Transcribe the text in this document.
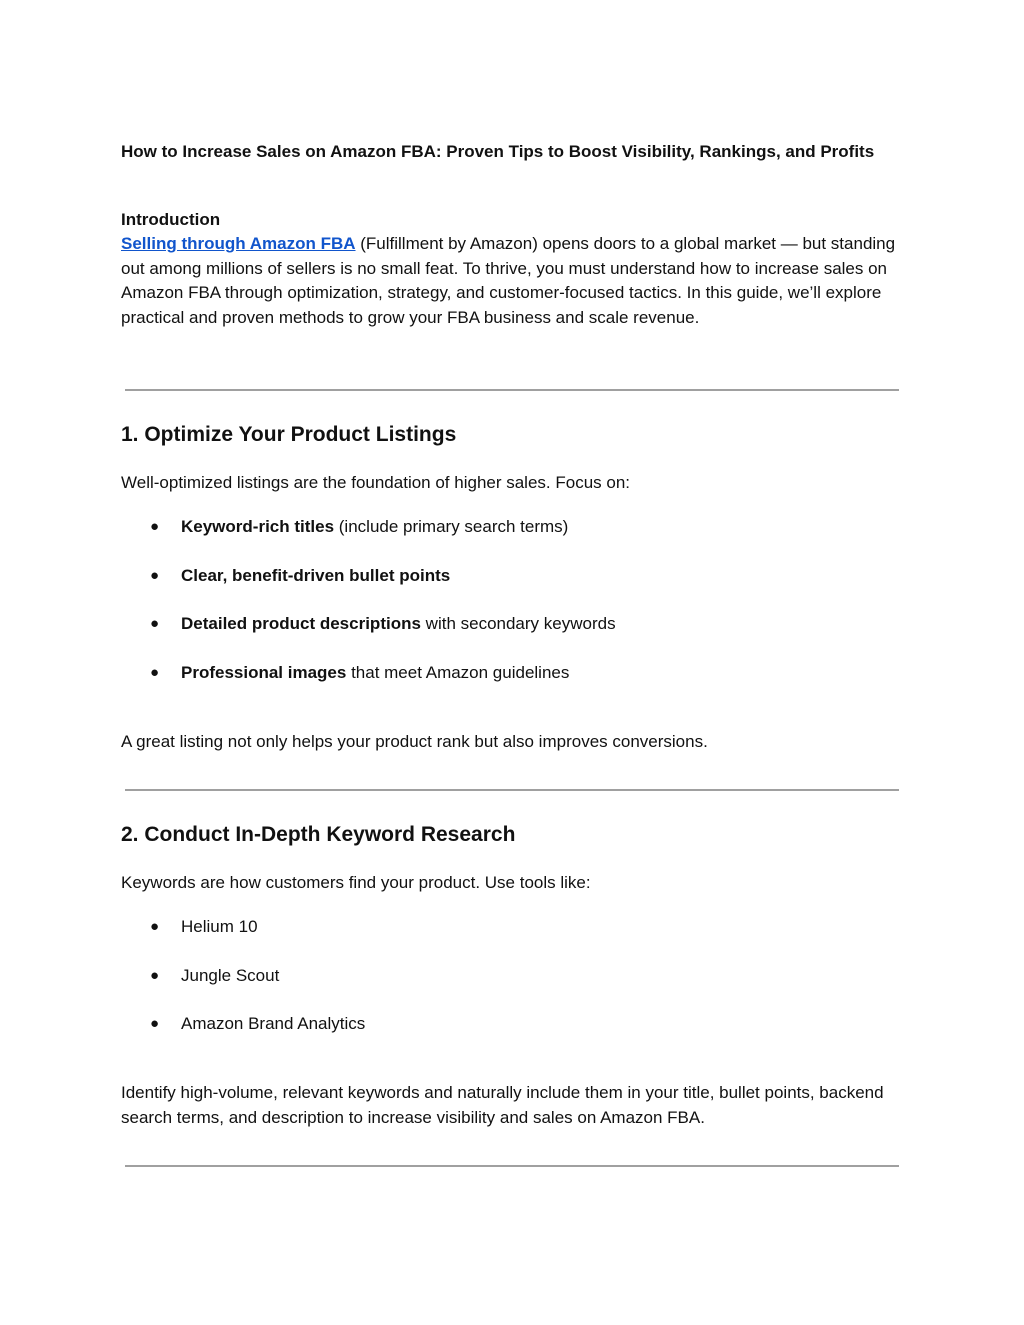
How to Increase Sales on Amazon FBA: Proven Tips to Boost Visibility, Rankings, and Profits

Introduction

Selling through Amazon FBA (Fulfillment by Amazon) opens doors to a global market — but standing out among millions of sellers is no small feat. To thrive, you must understand how to increase sales on Amazon FBA through optimization, strategy, and customer-focused tactics. In this guide, we’ll explore practical and proven methods to grow your FBA business and scale revenue.

1. Optimize Your Product Listings

Well-optimized listings are the foundation of higher sales. Focus on:

● Keyword-rich titles (include primary search terms)
● Clear, benefit-driven bullet points
● Detailed product descriptions with secondary keywords
● Professional images that meet Amazon guidelines

A great listing not only helps your product rank but also improves conversions.

2. Conduct In-Depth Keyword Research

Keywords are how customers find your product. Use tools like:

● Helium 10
● Jungle Scout
● Amazon Brand Analytics

Identify high-volume, relevant keywords and naturally include them in your title, bullet points, backend search terms, and description to increase visibility and sales on Amazon FBA.
